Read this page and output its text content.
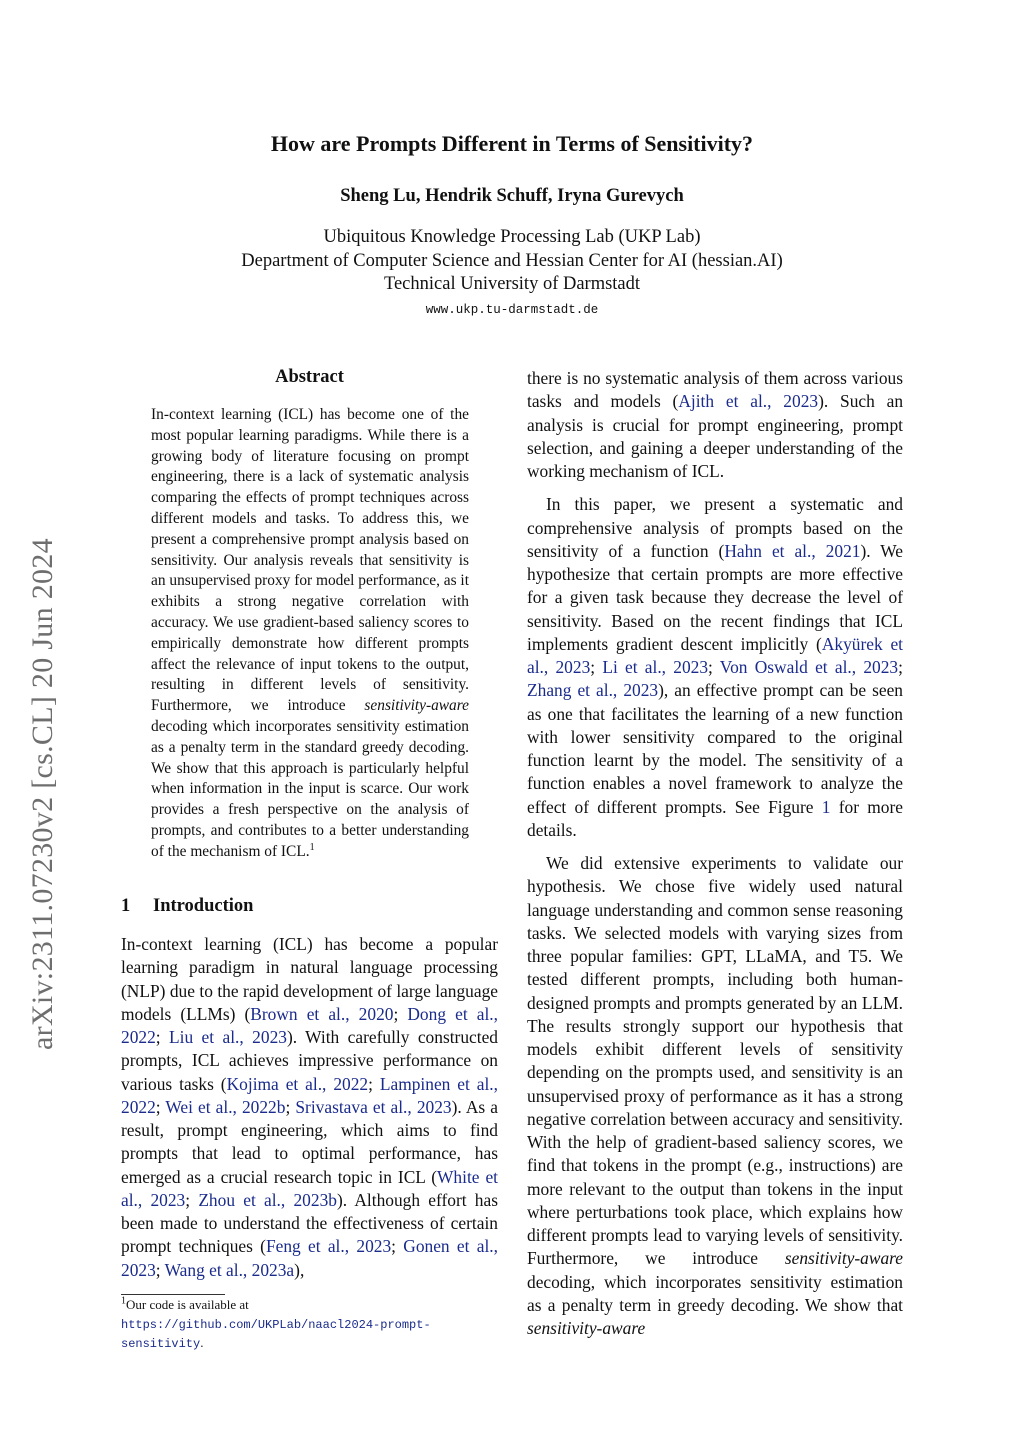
arXiv:2311.07230v2 [cs.CL] 20 Jun 2024
How are Prompts Different in Terms of Sensitivity?
Sheng Lu, Hendrik Schuff, Iryna Gurevych
Ubiquitous Knowledge Processing Lab (UKP Lab)
Department of Computer Science and Hessian Center for AI (hessian.AI)
Technical University of Darmstadt
www.ukp.tu-darmstadt.de
Abstract
In-context learning (ICL) has become one of the most popular learning paradigms. While there is a growing body of literature focusing on prompt engineering, there is a lack of systematic analysis comparing the effects of prompt techniques across different models and tasks. To address this, we present a comprehensive prompt analysis based on sensitivity. Our analysis reveals that sensitivity is an unsupervised proxy for model performance, as it exhibits a strong negative correlation with accuracy. We use gradient-based saliency scores to empirically demonstrate how different prompts affect the relevance of input tokens to the output, resulting in different levels of sensitivity. Furthermore, we introduce sensitivity-aware decoding which incorporates sensitivity estimation as a penalty term in the standard greedy decoding. We show that this approach is particularly helpful when information in the input is scarce. Our work provides a fresh perspective on the analysis of prompts, and contributes to a better understanding of the mechanism of ICL.$^1$
1 Introduction
In-context learning (ICL) has become a popular learning paradigm in natural language processing (NLP) due to the rapid development of large language models (LLMs) (Brown et al., 2020; Dong et al., 2022; Liu et al., 2023). With carefully constructed prompts, ICL achieves impressive performance on various tasks (Kojima et al., 2022; Lampinen et al., 2022; Wei et al., 2022b; Srivastava et al., 2023). As a result, prompt engineering, which aims to find prompts that lead to optimal performance, has emerged as a crucial research topic in ICL (White et al., 2023; Zhou et al., 2023b). Although effort has been made to understand the effectiveness of certain prompt techniques (Feng et al., 2023; Gonen et al., 2023; Wang et al., 2023a),
$^1$Our code is available at https://github.com/UKPLab/naacl2024-prompt-sensitivity.

there is no systematic analysis of them across various tasks and models (Ajith et al., 2023). Such an analysis is crucial for prompt engineering, prompt selection, and gaining a deeper understanding of the working mechanism of ICL.

In this paper, we present a systematic and comprehensive analysis of prompts based on the sensitivity of a function (Hahn et al., 2021). We hypothesize that certain prompts are more effective for a given task because they decrease the level of sensitivity. Based on the recent findings that ICL implements gradient descent implicitly (Akyürek et al., 2023; Li et al., 2023; Von Oswald et al., 2023; Zhang et al., 2023), an effective prompt can be seen as one that facilitates the learning of a new function with lower sensitivity compared to the original function learnt by the model. The sensitivity of a function enables a novel framework to analyze the effect of different prompts. See Figure 1 for more details.

We did extensive experiments to validate our hypothesis. We chose five widely used natural language understanding and common sense reasoning tasks. We selected models with varying sizes from three popular families: GPT, LLaMA, and T5. We tested different prompts, including both human-designed prompts and prompts generated by an LLM. The results strongly support our hypothesis that models exhibit different levels of sensitivity depending on the prompts used, and sensitivity is an unsupervised proxy of performance as it has a strong negative correlation between accuracy and sensitivity. With the help of gradient-based saliency scores, we find that tokens in the prompt (e.g., instructions) are more relevant to the output than tokens in the input where perturbations took place, which explains how different prompts lead to varying levels of sensitivity. Furthermore, we introduce sensitivity-aware decoding, which incorporates sensitivity estimation as a penalty term in greedy decoding. We show that sensitivity-aware
